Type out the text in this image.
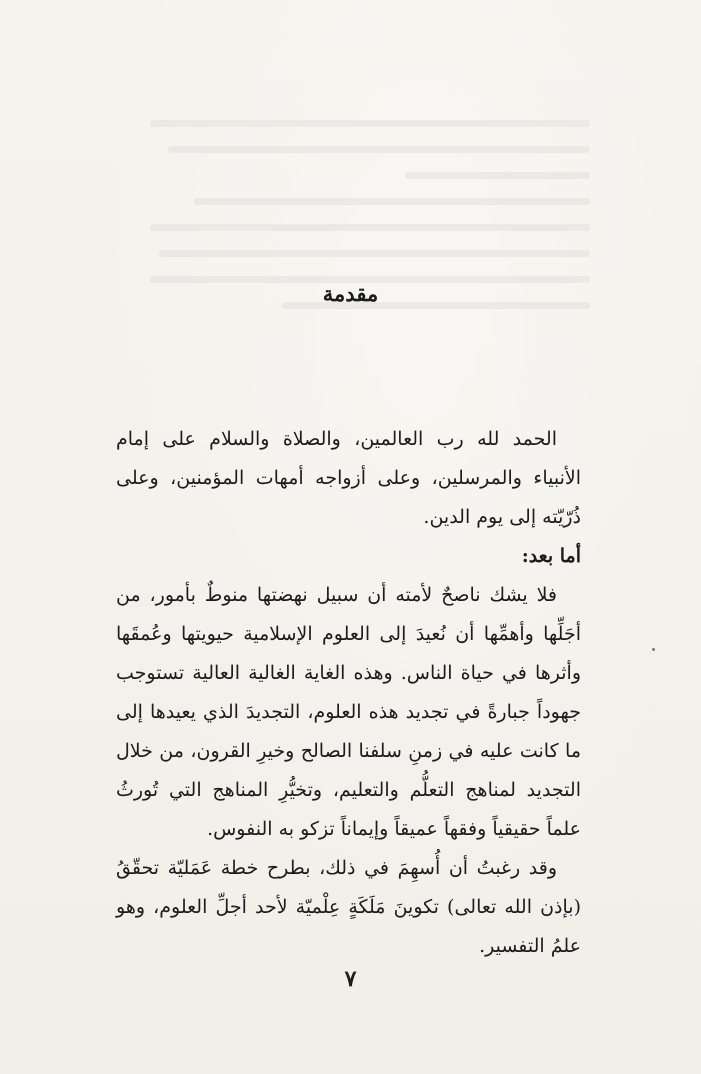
مقدمة

الحمد لله رب العالمين، والصلاة والسلام على إمام الأنبياء والمرسلين، وعلى أزواجه أمهات المؤمنين، وعلى ذُرّيّته إلى يوم الدين.

أما بعد:

فلا يشك ناصحٌ لأمته أن سبيل نهضتها منوطٌ بأمور، من أجَلِّها وأهمِّها أن نُعيدَ إلى العلوم الإسلامية حيويتها وعُمقَها وأثرها في حياة الناس. وهذه الغاية الغالية العالية تستوجب جهوداً جبارةً في تجديد هذه العلوم، التجديدَ الذي يعيدها إلى ما كانت عليه في زمنِ سلفنا الصالح وخيرِ القرون، من خلال التجديد لمناهج التعلُّم والتعليم، وتخيُّرِ المناهج التي تُورثُ علماً حقيقياً وفقهاً عميقاً وإيماناً تزكو به النفوس.

وقد رغبتُ أن أُسهِمَ في ذلك، بطرح خطة عَمَليّة تحقّقُ (بإذن الله تعالى) تكوينَ مَلَكَةٍ عِلْميّة لأحد أجلِّ العلوم، وهو علمُ التفسير.

٧
